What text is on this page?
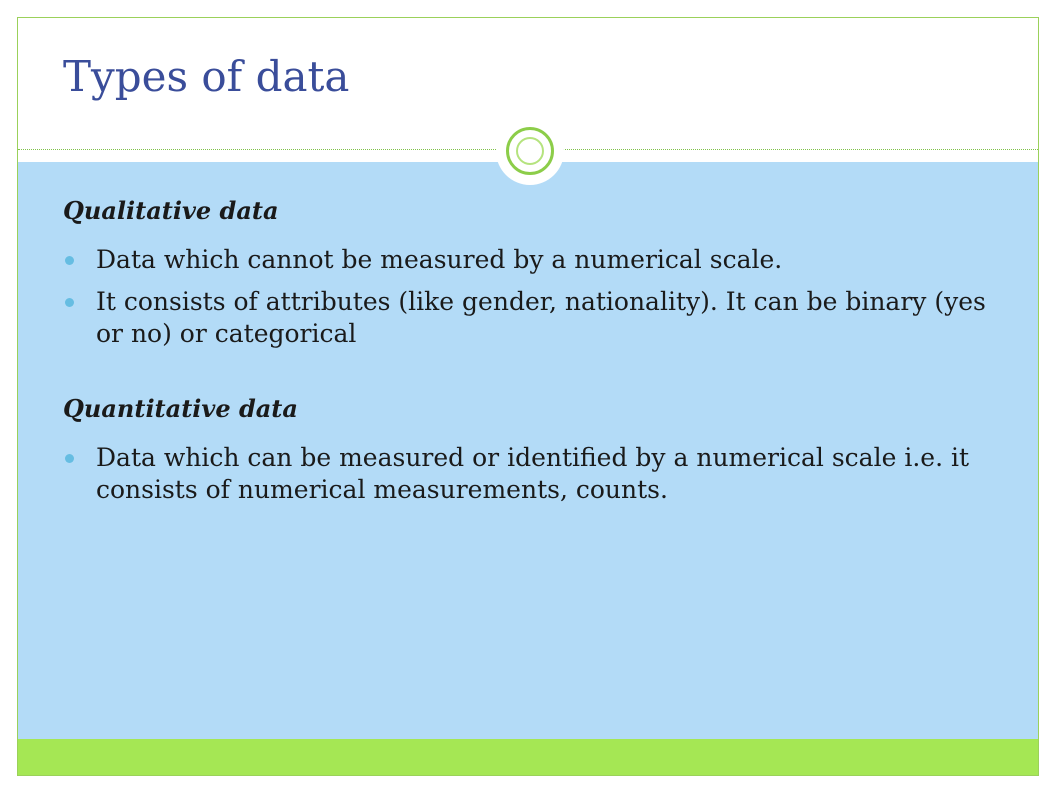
Types of data
Qualitative data
Data which cannot be measured by a numerical scale.
It consists of attributes (like gender, nationality). It can be binary (yes or no) or categorical
Quantitative data
Data which can be measured or identified by a numerical scale i.e. it consists of numerical measurements, counts.
